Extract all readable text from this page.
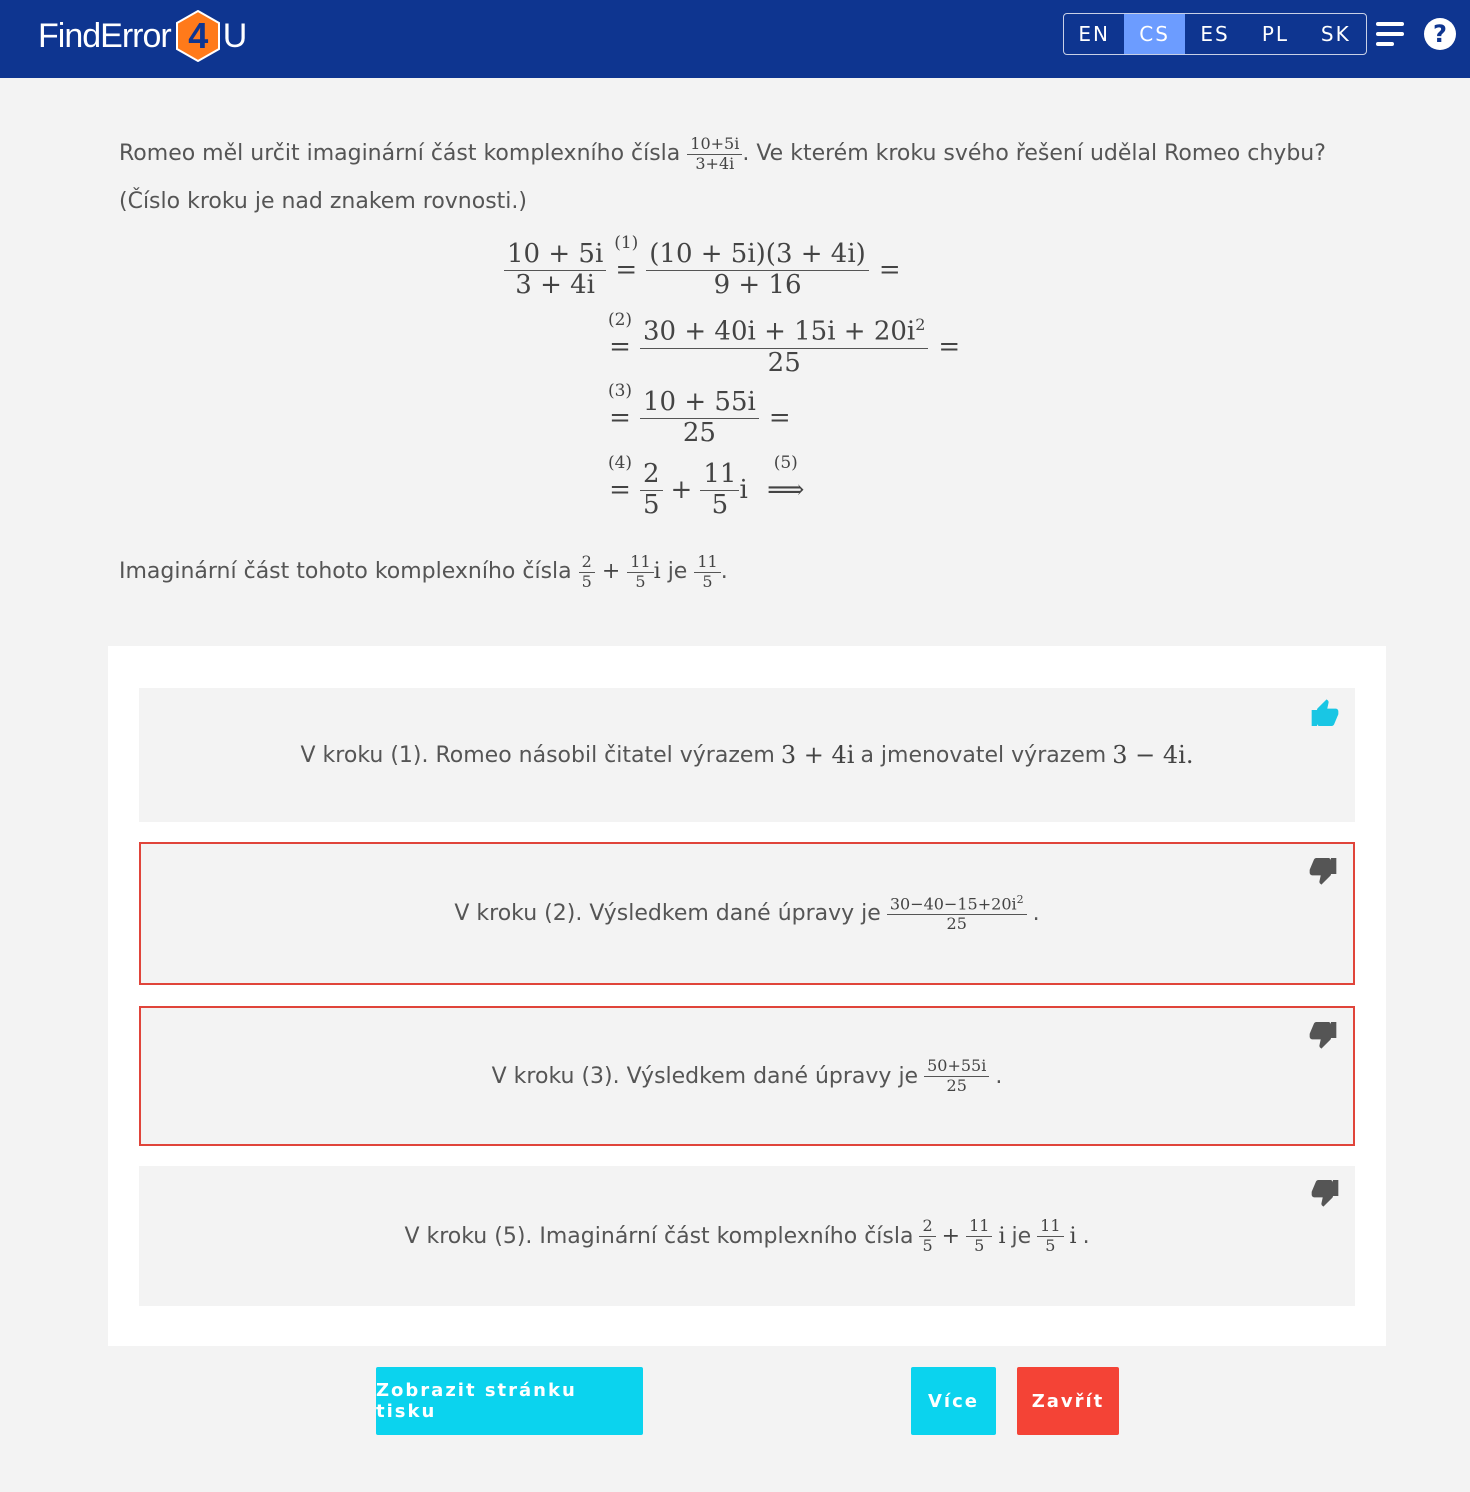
FindError 4 U	EN	CS	ES	PL	SK	?
Romeo měl určit imaginární část komplexního čísla $\frac{10+5i}{3+4i}$ . Ve kterém kroku svého řešení udělal Romeo chybu?
(Číslo kroku je nad znakem rovnosti.)
$\frac{10 + 5i}{3 + 4i} (1)$
= $\frac{(10 + 5i)(3 + 4i)}{9 + 16}$ =
(2)
= $\frac{30 + 40i + 15i + 20i^2}{25}$ =
(3)
= $\frac{10 + 55i}{25}$ =
(4)
= $\frac{2}{5} + \frac{11}{5}$ i
(5)
⟹
Imaginární část tohoto komplexního čísla $\frac{2}{5} + \frac{11}{5}$ i je $\frac{11}{5}$ .
V kroku (1). Romeo násobil čitatel výrazem 3 + 4i a jmenovatel výrazem 3 − 4i.
V kroku (2). Výsledkem dané úpravy je $\frac{30-40-15+20i^2}{25}$ .
V kroku (3). Výsledkem dané úpravy je $\frac{50+55i}{25}$ .
V kroku (5). Imaginární část komplexního čísla $\frac{2}{5} + \frac{11}{5}$ i je $\frac{11}{5}$ i .
Zobrazit stránku tisku	Více	Zavřít
